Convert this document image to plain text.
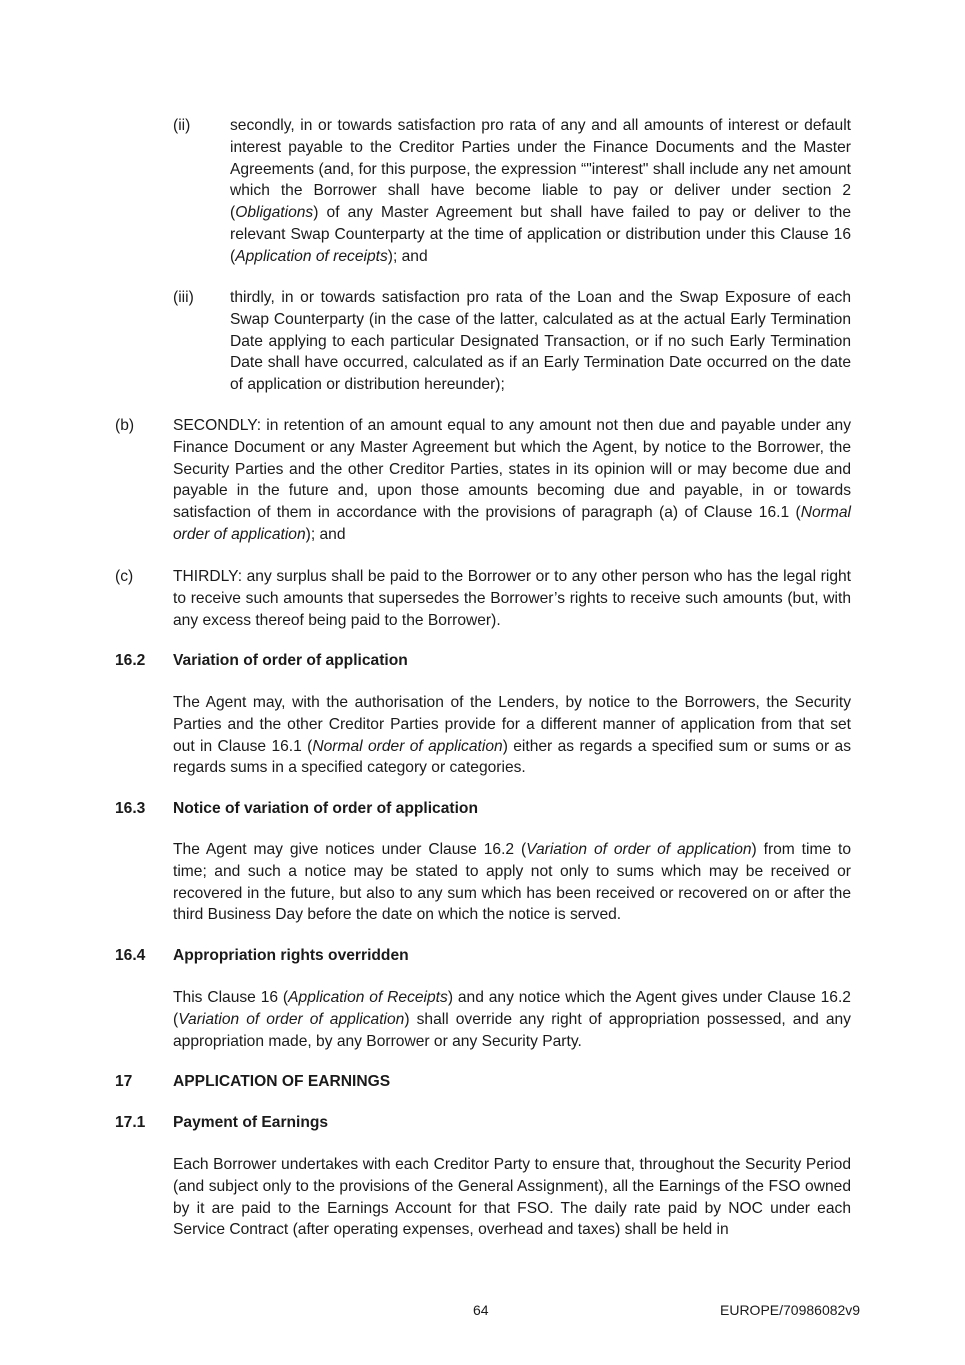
(ii)	secondly, in or towards satisfaction pro rata of any and all amounts of interest or default interest payable to the Creditor Parties under the Finance Documents and the Master Agreements (and, for this purpose, the expression “"interest" shall include any net amount which the Borrower shall have become liable to pay or deliver under section 2 (Obligations) of any Master Agreement but shall have failed to pay or deliver to the relevant Swap Counterparty at the time of application or distribution under this Clause 16 (Application of receipts); and

(iii) thirdly, in or towards satisfaction pro rata of the Loan and the Swap Exposure of each Swap Counterparty (in the case of the latter, calculated as at the actual Early Termination Date applying to each particular Designated Transaction, or if no such Early Termination Date shall have occurred, calculated as if an Early Termination Date occurred on the date of application or distribution hereunder);

(b) SECONDLY: in retention of an amount equal to any amount not then due and payable under any Finance Document or any Master Agreement but which the Agent, by notice to the Borrower, the Security Parties and the other Creditor Parties, states in its opinion will or may become due and payable in the future and, upon those amounts becoming due and payable, in or towards satisfaction of them in accordance with the provisions of paragraph (a) of Clause 16.1 (Normal order of application); and

(c)	THIRDLY: any surplus shall be paid to the Borrower or to any other person who has the legal right to receive such amounts that supersedes the Borrower’s rights to receive such amounts (but, with any excess thereof being paid to the Borrower).

16.2 Variation of order of application

The Agent may, with the authorisation of the Lenders, by notice to the Borrowers, the Security Parties and the other Creditor Parties provide for a different manner of application from that set out in Clause 16.1 (Normal order of application) either as regards a specified sum or sums or as regards sums in a specified category or categories.

16.3 Notice of variation of order of application

The Agent may give notices under Clause 16.2 (Variation of order of application) from time to time; and such a notice may be stated to apply not only to sums which may be received or recovered in the future, but also to any sum which has been received or recovered on or after the third Business Day before the date on which the notice is served.

16.4 Appropriation rights overridden

This Clause 16 (Application of Receipts) and any notice which the Agent gives under Clause 16.2 (Variation of order of application) shall override any right of appropriation possessed, and any appropriation made, by any Borrower or any Security Party.

17	APPLICATION OF EARNINGS
17.1 Payment of Earnings

Each Borrower undertakes with each Creditor Party to ensure that, throughout the Security Period (and subject only to the provisions of the General Assignment), all the Earnings of the FSO owned by it are paid to the Earnings Account for that FSO. The daily rate paid by NOC under each Service Contract (after operating expenses, overhead and taxes) shall be held in

64	EUROPE/70986082v9
